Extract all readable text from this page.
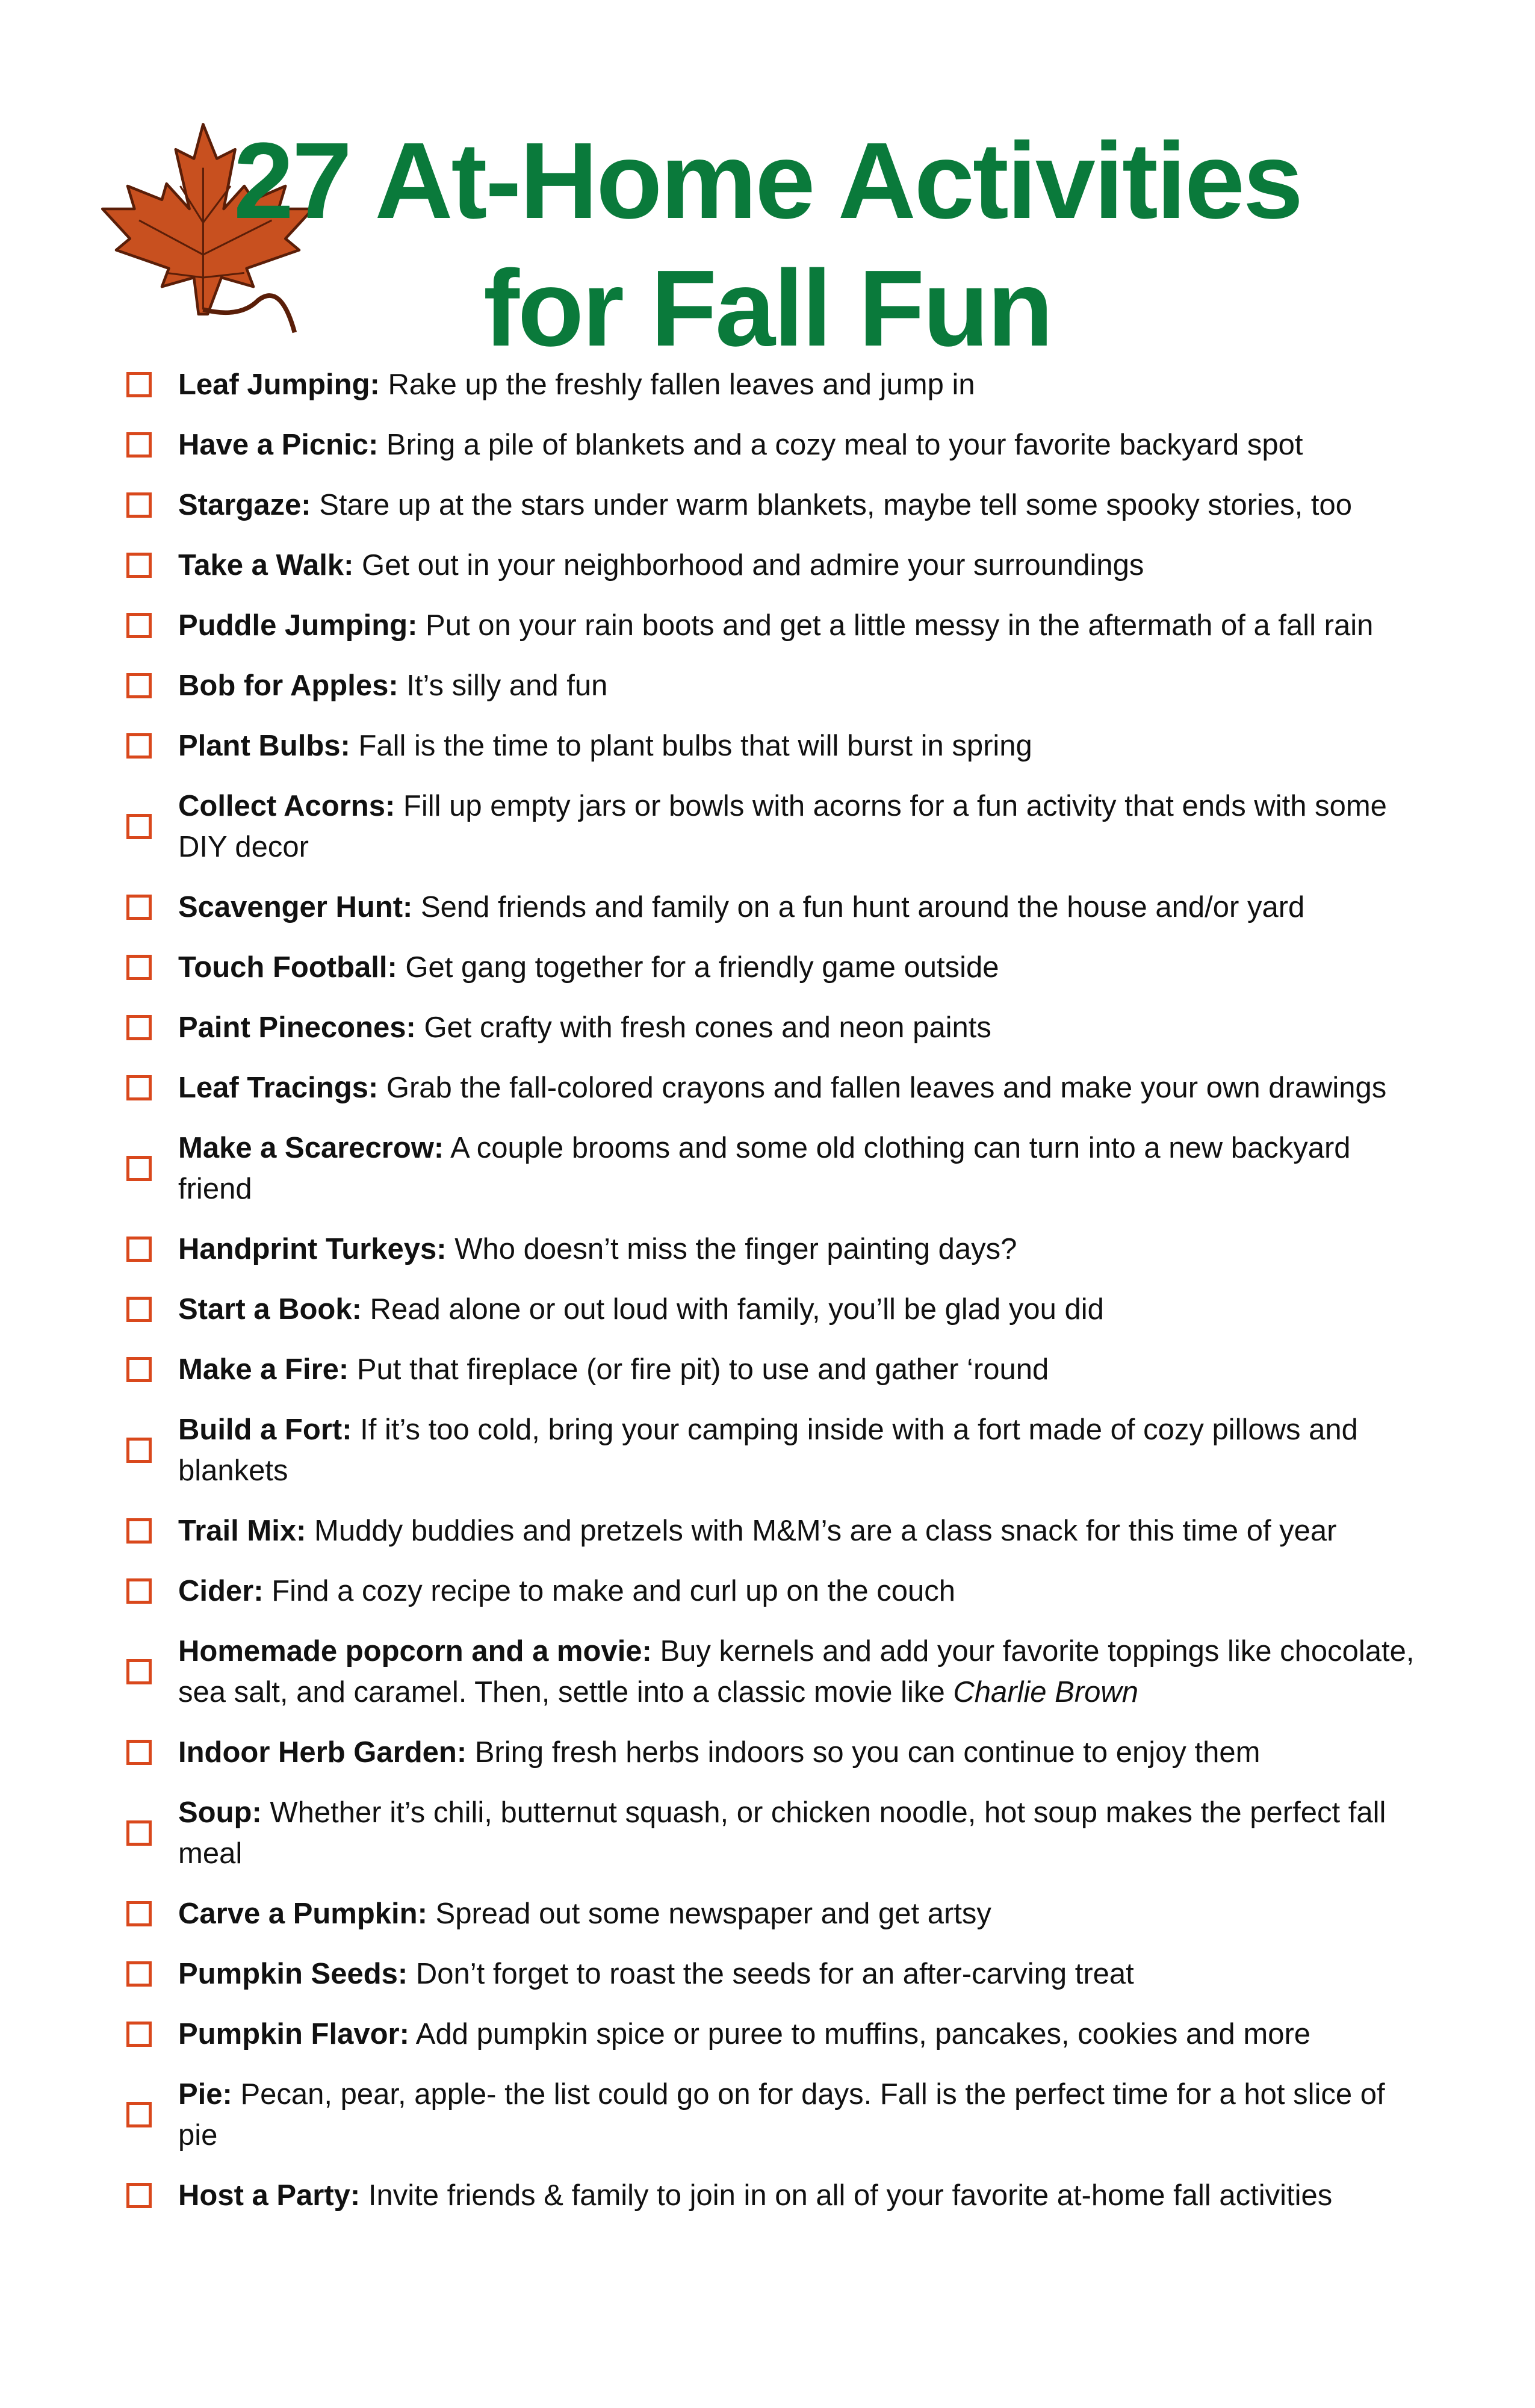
27 At-Home Activities
for Fall Fun
Leaf Jumping: Rake up the freshly fallen leaves and jump in
Have a Picnic: Bring a pile of blankets and a cozy meal to your favorite backyard spot
Stargaze: Stare up at the stars under warm blankets, maybe tell some spooky stories, too
Take a Walk: Get out in your neighborhood and admire your surroundings
Puddle Jumping: Put on your rain boots and get a little messy in the aftermath of a fall rain
Bob for Apples: It’s silly and fun
Plant Bulbs: Fall is the time to plant bulbs that will burst in spring
Collect Acorns: Fill up empty jars or bowls with acorns for a fun activity that ends with some DIY decor
Scavenger Hunt: Send friends and family on a fun hunt around the house and/or yard
Touch Football: Get gang together for a friendly game outside
Paint Pinecones: Get crafty with fresh cones and neon paints
Leaf Tracings: Grab the fall-colored crayons and fallen leaves and make your own drawings
Make a Scarecrow: A couple brooms and some old clothing can turn into a new backyard friend
Handprint Turkeys: Who doesn’t miss the finger painting days?
Start a Book: Read alone or out loud with family, you’ll be glad you did
Make a Fire: Put that fireplace (or fire pit) to use and gather ‘round
Build a Fort: If it’s too cold, bring your camping inside with a fort made of cozy pillows and blankets
Trail Mix: Muddy buddies and pretzels with M&M’s are a class snack for this time of year
Cider: Find a cozy recipe to make and curl up on the couch
Homemade popcorn and a movie: Buy kernels and add your favorite toppings like chocolate, sea salt, and caramel. Then, settle into a classic movie like Charlie Brown
Indoor Herb Garden: Bring fresh herbs indoors so you can continue to enjoy them
Soup: Whether it’s chili, butternut squash, or chicken noodle, hot soup makes the perfect fall meal
Carve a Pumpkin: Spread out some newspaper and get artsy
Pumpkin Seeds: Don’t forget to roast the seeds for an after-carving treat
Pumpkin Flavor: Add pumpkin spice or puree to muffins, pancakes, cookies and more
Pie: Pecan, pear, apple- the list could go on for days. Fall is the perfect time for a hot slice of pie
Host a Party: Invite friends & family to join in on all of your favorite at-home fall activities
